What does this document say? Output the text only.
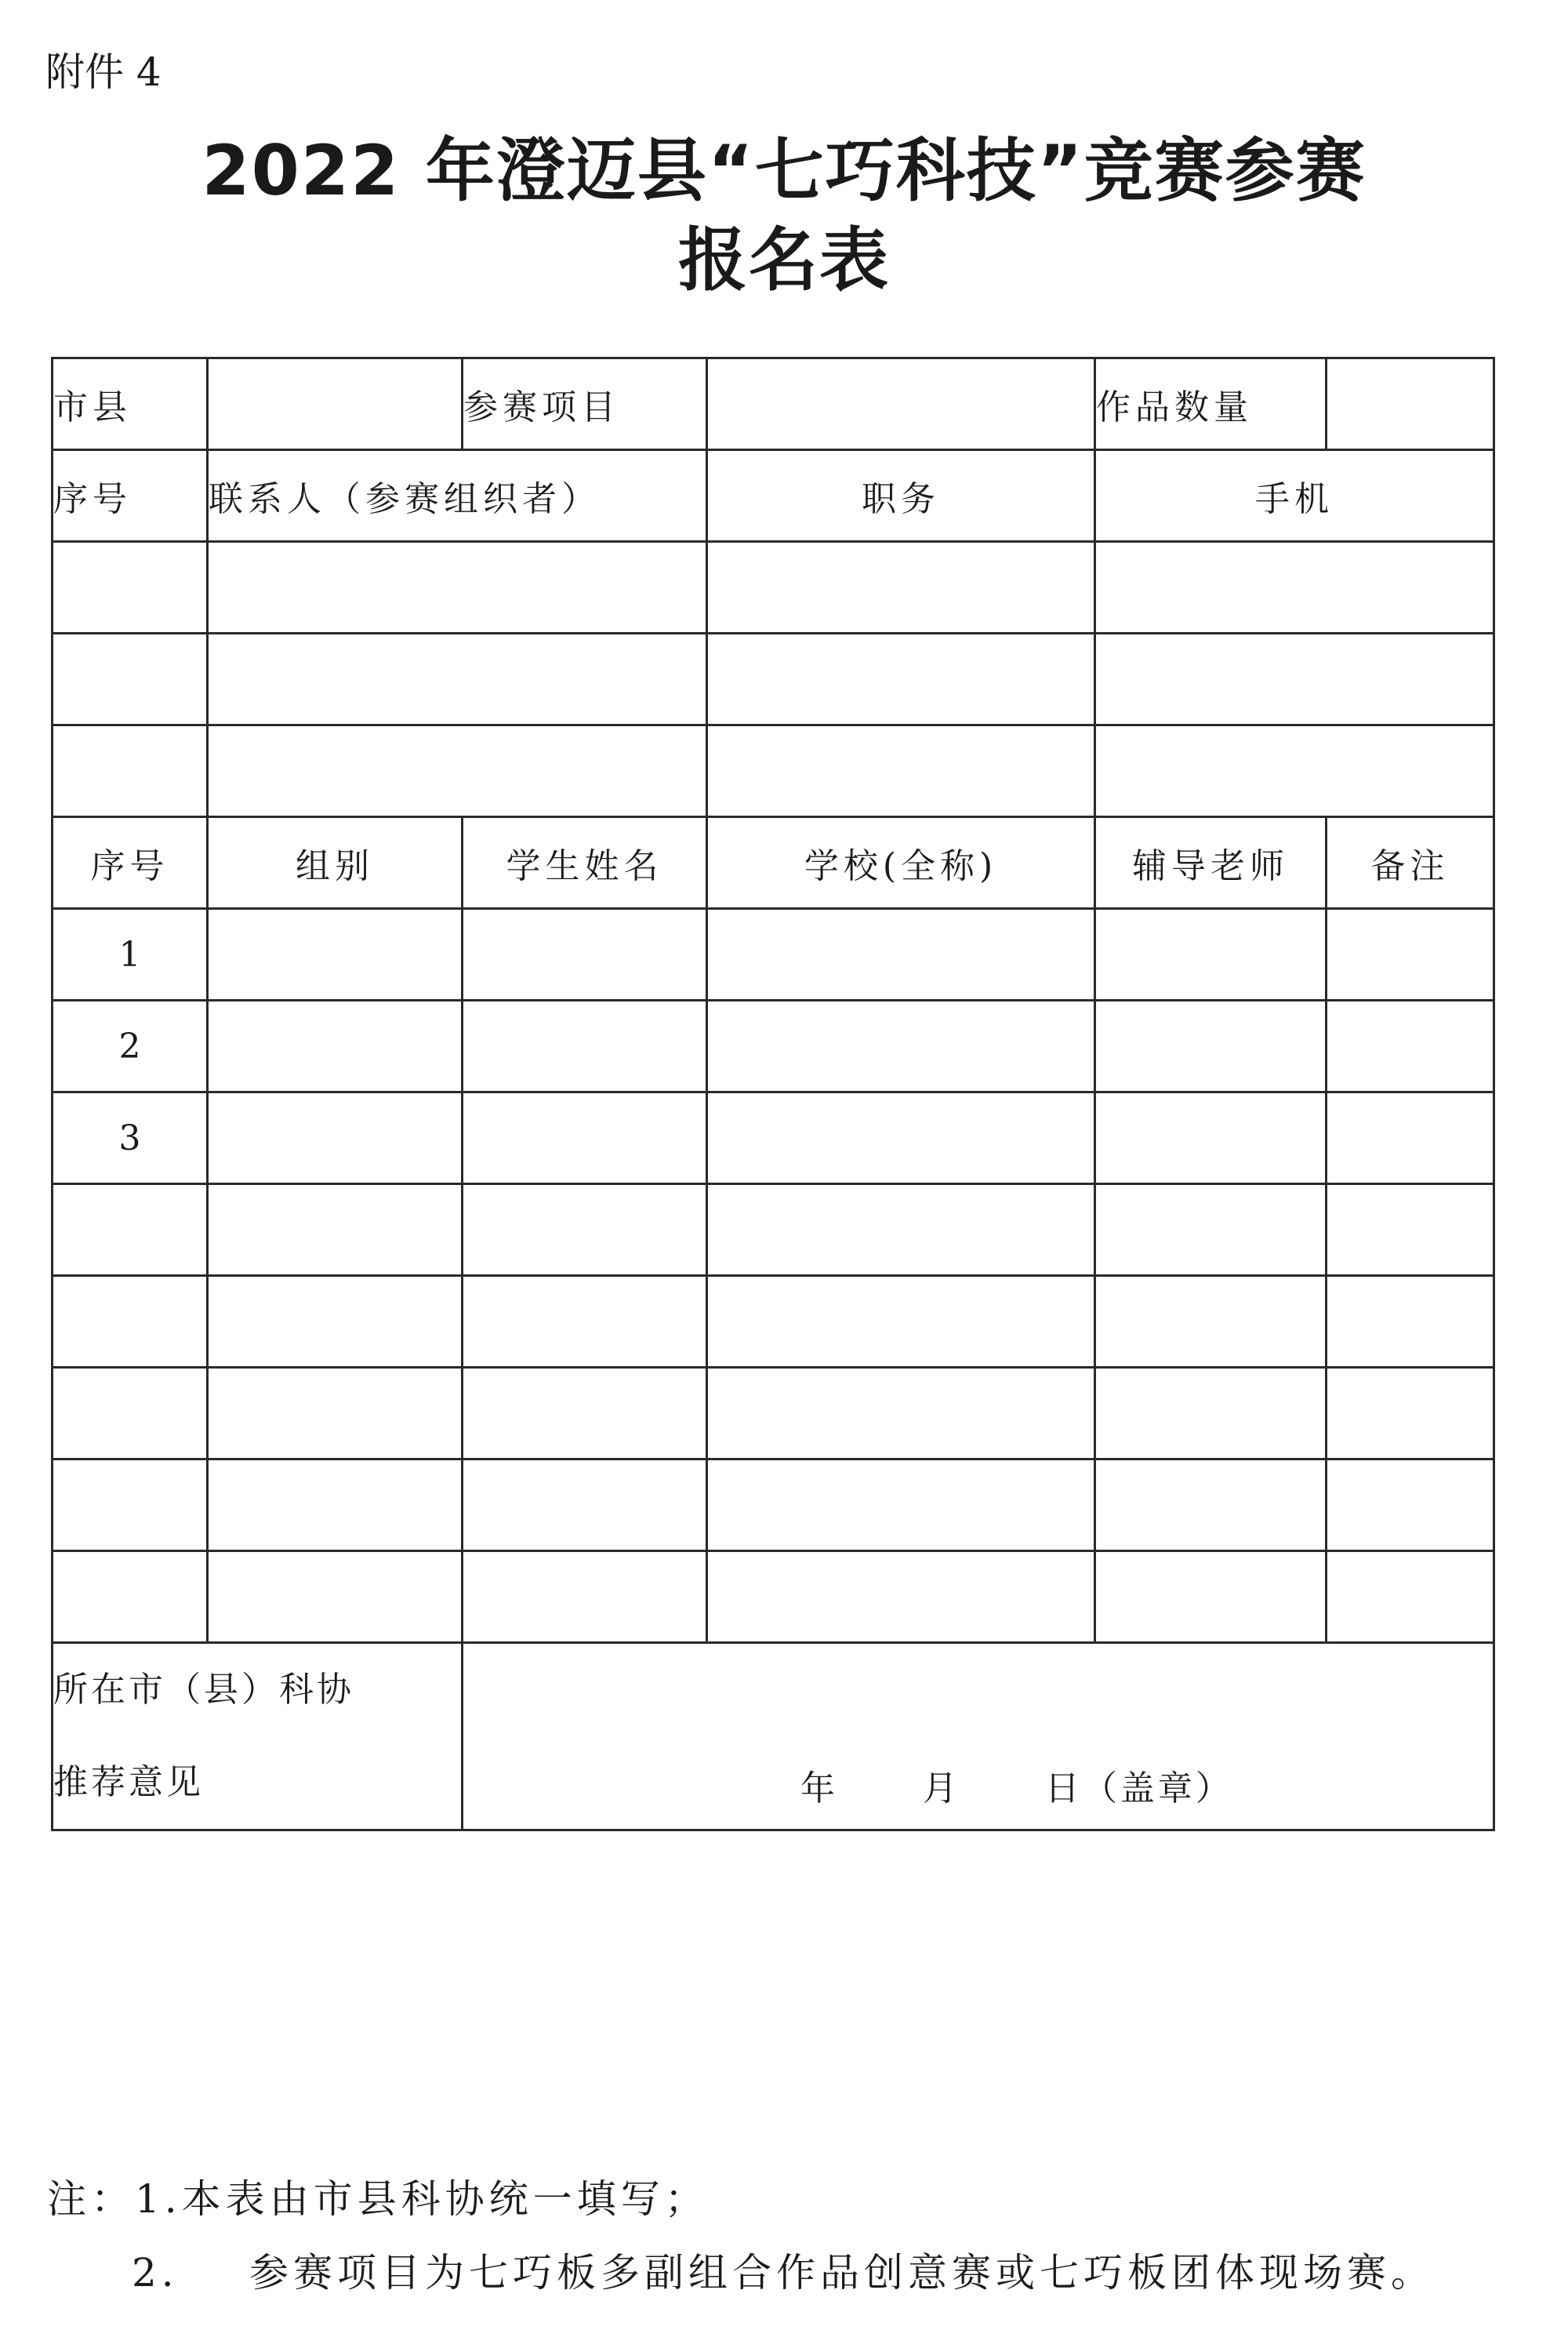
附件 4
2022 年澄迈县“七巧科技”竞赛参赛
报名表
市县		参赛项目		作品数量	
序号	联系人（参赛组织者）		职务	手机	

序号	组别	学生姓名	学校(全称)	辅导老师	备注
1					
2					
3					

所在市（县）科协
推荐意见		年      月      日（盖章）			
注：1.本表由市县科协统一填写；
2. 参赛项目为七巧板多副组合作品创意赛或七巧板团体现场赛。
